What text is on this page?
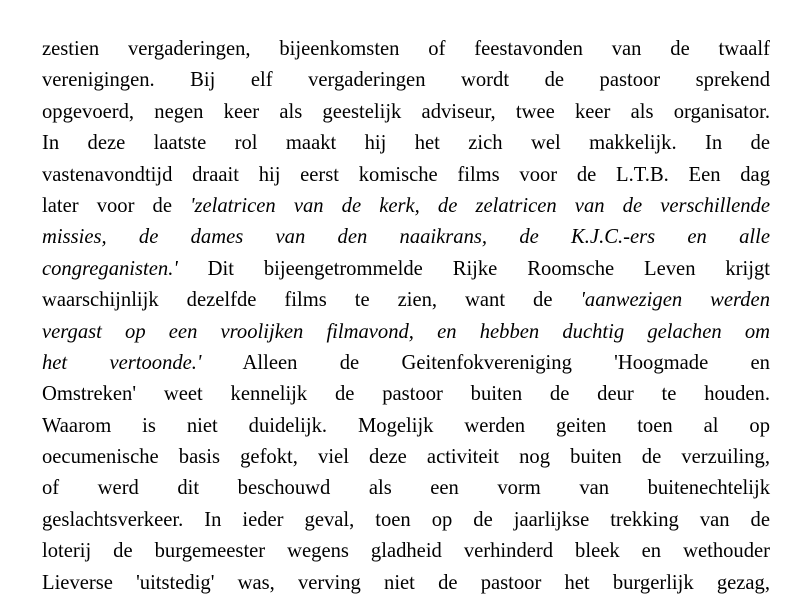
zestien vergaderingen, bijeenkomsten of feestavonden van de twaalf
verenigingen. Bij elf vergaderingen wordt de pastoor sprekend
opgevoerd, negen keer als geestelijk adviseur, twee keer als organisator.
In deze laatste rol maakt hij het zich wel makkelijk. In de
vastenavondtijd draait hij eerst komische films voor de L.T.B. Een dag
later voor de 'zelatricen van de kerk, de zelatricen van de verschillende
missies, de dames van den naaikrans, de K.J.C.-ers en alle
congreganisten.' Dit bijeengetrommelde Rijke Roomsche Leven krijgt
waarschijnlijk dezelfde films te zien, want de 'aanwezigen werden
vergast op een vroolijken filmavond, en hebben duchtig gelachen om
het vertoonde.' Alleen de Geitenfokvereniging 'Hoogmade en
Omstreken' weet kennelijk de pastoor buiten de deur te houden.
Waarom is niet duidelijk. Mogelijk werden geiten toen al op
oecumenische basis gefokt, viel deze activiteit nog buiten de verzuiling,
of werd dit beschouwd als een vorm van buitenechtelijk
geslachtsverkeer. In ieder geval, toen op de jaarlijkse trekking van de
loterij de burgemeester wegens gladheid verhinderd bleek en wethouder
Lieverse 'uitstedig' was, verving niet de pastoor het burgerlijk gezag,
